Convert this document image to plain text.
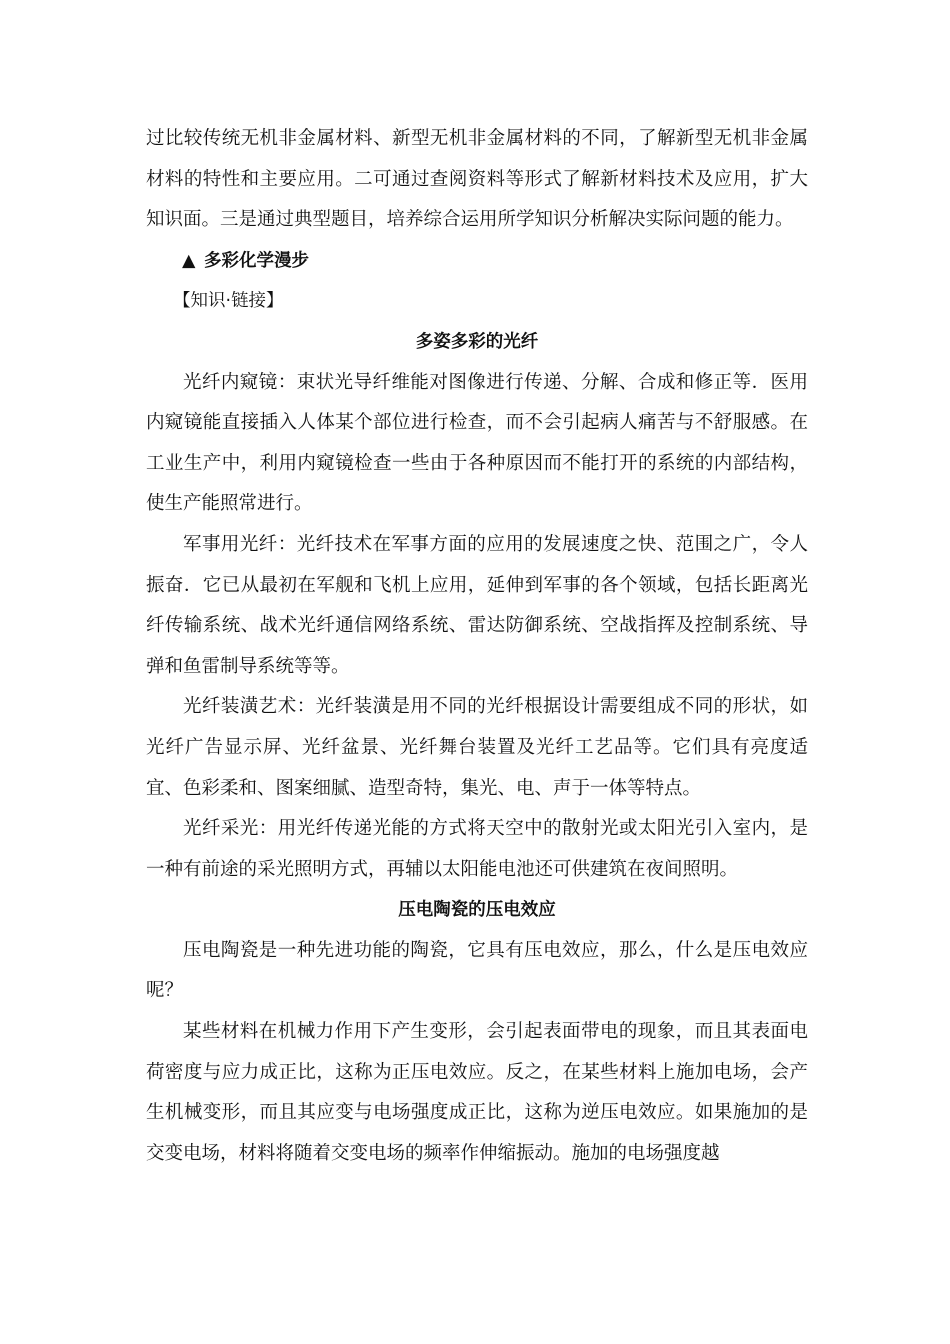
过比较传统无机非金属材料、新型无机非金属材料的不同，了解新型无机非金属材料的特性和主要应用。二可通过查阅资料等形式了解新材料技术及应用，扩大知识面。三是通过典型题目，培养综合运用所学知识分析解决实际问题的能力。

▲ 多彩化学漫步

【知识·链接】

多姿多彩的光纤

光纤内窥镜：束状光导纤维能对图像进行传递、分解、合成和修正等．医用内窥镜能直接插入人体某个部位进行检查，而不会引起病人痛苦与不舒服感。在工业生产中，利用内窥镜检查一些由于各种原因而不能打开的系统的内部结构，使生产能照常进行。

军事用光纤：光纤技术在军事方面的应用的发展速度之快、范围之广，令人振奋．它已从最初在军舰和飞机上应用，延伸到军事的各个领域，包括长距离光纤传输系统、战术光纤通信网络系统、雷达防御系统、空战指挥及控制系统、导弹和鱼雷制导系统等等。

光纤装潢艺术：光纤装潢是用不同的光纤根据设计需要组成不同的形状，如光纤广告显示屏、光纤盆景、光纤舞台装置及光纤工艺品等。它们具有亮度适宜、色彩柔和、图案细腻、造型奇特，集光、电、声于一体等特点。

光纤采光：用光纤传递光能的方式将天空中的散射光或太阳光引入室内，是一种有前途的采光照明方式，再辅以太阳能电池还可供建筑在夜间照明。

压电陶瓷的压电效应

压电陶瓷是一种先进功能的陶瓷，它具有压电效应，那么，什么是压电效应呢？

某些材料在机械力作用下产生变形，会引起表面带电的现象，而且其表面电荷密度与应力成正比，这称为正压电效应。反之，在某些材料上施加电场，会产生机械变形，而且其应变与电场强度成正比，这称为逆压电效应。如果施加的是交变电场，材料将随着交变电场的频率作伸缩振动。施加的电场强度越
